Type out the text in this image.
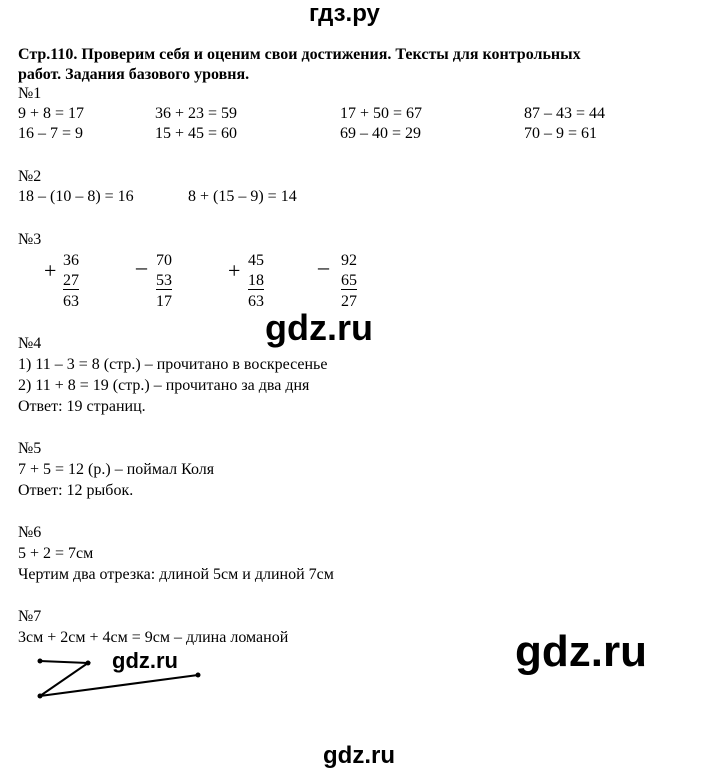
гдз.ру
Стр.110. Проверим себя и оценим свои достижения. Тексты для контрольных
работ. Задания базового уровня.
№1
9 + 8 = 17	36 + 23 = 59	17 + 50 = 67	87 – 43 = 44
16 – 7 = 9	15 + 45 = 60	69 – 40 = 29	70 – 9 = 61
№2
18 – (10 – 8) = 16	8 + (15 – 9) = 14
№3
+ 36
27
63
– 70
53
17
+ 45
18
63
– 92
65
27
gdz.ru
№4
1) 11 – 3 = 8 (стр.) – прочитано в воскресенье
2) 11 + 8 = 19 (стр.) – прочитано за два дня
Ответ: 19 страниц.
№5
7 + 5 = 12 (р.) – поймал Коля
Ответ: 12 рыбок.
№6
5 + 2 = 7см
Чертим два отрезка: длиной 5см и длиной 7см
№7
3см + 2см + 4см = 9см – длина ломаной
gdz.ru	gdz.ru
gdz.ru
